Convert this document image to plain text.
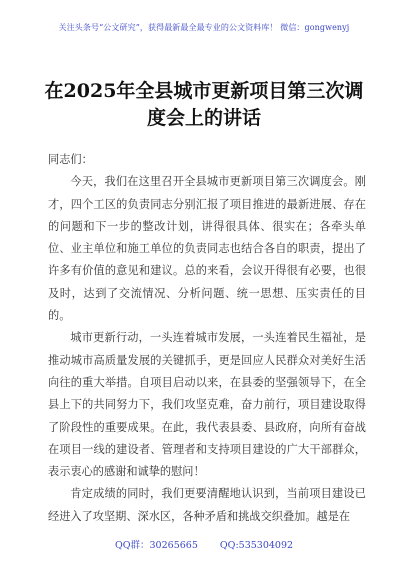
关注头条号“公文研究”，获得最新最全最专业的公文资料库！ 微信：gongwenyj
在2025年全县城市更新项目第三次调
度会上的讲话

同志们：

今天，我们在这里召开全县城市更新项目第三次调度会。刚才，四个工区的负责同志分别汇报了项目推进的最新进展、存在的问题和下一步的整改计划，讲得很具体、很实在；各牵头单位、业主单位和施工单位的负责同志也结合各自的职责，提出了许多有价值的意见和建议。总的来看，会议开得很有必要，也很及时，达到了交流情况、分析问题、统一思想、压实责任的目的。

城市更新行动，一头连着城市发展，一头连着民生福祉，是推动城市高质量发展的关键抓手，更是回应人民群众对美好生活向往的重大举措。自项目启动以来，在县委的坚强领导下，在全县上下的共同努力下，我们攻坚克难，奋力前行，项目建设取得了阶段性的重要成果。在此，我代表县委、县政府，向所有奋战在项目一线的建设者、管理者和支持项目建设的广大干部群众，表示衷心的感谢和诚挚的慰问！

肯定成绩的同时，我们更要清醒地认识到，当前项目建设已经进入了攻坚期、深水区，各种矛盾和挑战交织叠加。越是在

QQ群：30265665 QQ:535304092
